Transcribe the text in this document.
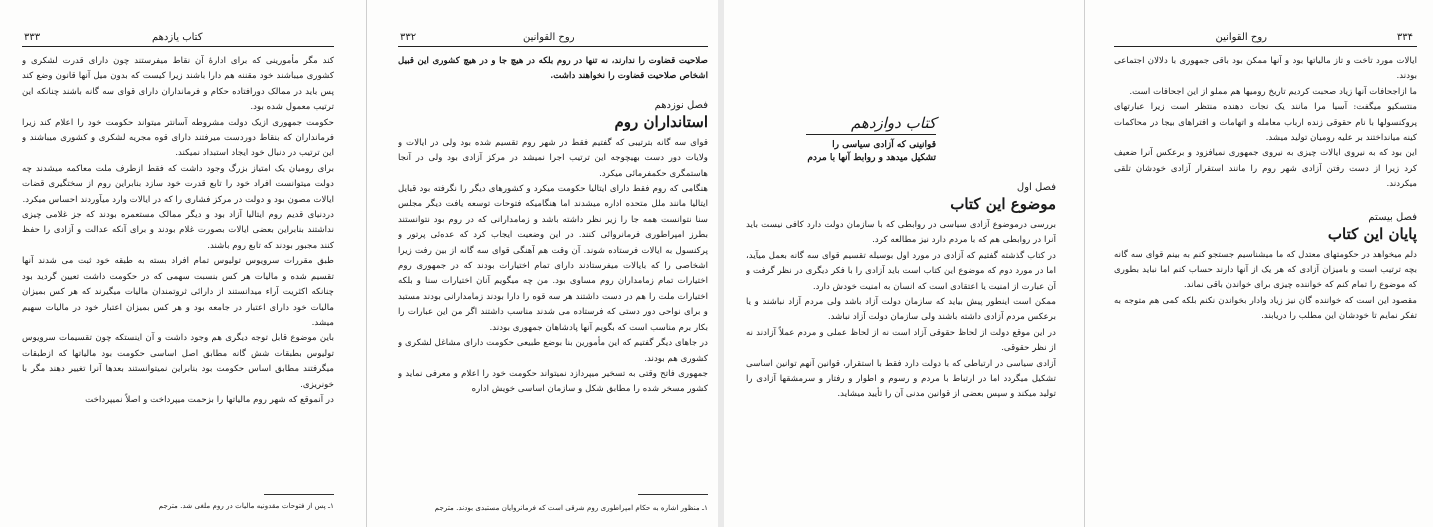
۳۳۳	کتاب یازدهم

کند مگر مأمورینی که برای ادارهٔ آن نقاط میفرستند چون دارای قدرت لشکری و کشوری میباشند خود مقننه هم دارا باشند زیرا کیست که بدون میل آنها قانون وضع کند پس باید در ممالک دورافتاده حکام و فرمانداران دارای قوای سه گانه باشند چنانکه این ترتیب معمول شده بود.

حکومت جمهوری ازیک دولت مشروطه آسانتر میتواند حکومت خود را اعلام کند زیرا فرمانداران که بنقاط دوردست میرفتند دارای قوه مجریه لشکری و کشوری میباشند و این ترتیب در دنبال خود ایجاد استبداد نمیکند.

برای رومیان یک امتیاز بزرگ وجود داشت که فقط ازطرف ملت معاکمه میشدند چه دولت میتوانست افراد خود را تابع قدرت خود سازد بنابراین روم از سختگیری قضات ایالات مصون بود و دولت در مرکز فشاری را که در ایالات وارد میآوردند احساس میکرد.

دردنیای قدیم روم ایتالیا آزاد بود و دیگر ممالک مستعمره بودند که جز غلامی چیزی نداشتند بنابراین بعضی ایالات بصورت غلام بودند و برای آنکه عدالت و آزادی را حفظ کنند مجبور بودند که تابع روم باشند.

طبق مقررات سرویوس تولیوس تمام افراد بسته به طبقه خود ثبت می شدند آنها تقسیم شده و مالیات هر کس بنسبت سهمی که در حکومت داشت تعیین گردید بود چنانکه اکثریت آراء میدانستند از دارائی ثروتمندان مالیات میگیرند که هر کس بمیزان مالیات خود دارای اعتبار در جامعه بود و هر کس بمیزان اعتبار خود در مالیات سهیم میشد.

باین موضوع قابل توجه دیگری هم وجود داشت و آن اینستکه چون تقسیمات سرویوس تولیوس بطبقات شش گانه مطابق اصل اساسی حکومت بود مالیاتها که ازطبقات میگرفتند مطابق اساس حکومت بود بنابراین نمیتوانستند بعدها آنرا تغییر دهند مگر با خونریزی.

در آنموقع که شهر روم مالیاتها را بزحمت میپرداخت و اصلاً نمیپرداخت

۱ـ پس از فتوحات مقدونیه مالیات در روم ملغی شد. مترجم
۳۳۲	روح القوانین

صلاحیت قضاوت را ندارند، نه تنها در روم بلکه در هیچ جا و در هیچ کشوری این قبیل اشخاص صلاحیت قضاوت را نخواهند داشت.

فصل نوزدهم

استانداران روم

قوای سه گانه بترتیبی که گفتیم فقط در شهر روم تقسیم شده بود ولی در ایالات و ولایات دور دست بهیچوجه این ترتیب اجرا نمیشد در مرکز آزادی بود ولی در آنجا هاستمگری حکمفرمائی میکرد.

هنگامی که روم فقط دارای ایتالیا حکومت میکرد و کشورهای دیگر را نگرفته بود قبایل ایتالیا مانند ملل متحده اداره میشدند اما هنگامیکه فتوحات توسعه یافت دیگر مجلس سنا نتوانست همه جا را زیر نظر داشته باشد و زمامدارانی که در روم بود نتوانستند بطرز امپراطوری فرمانروائی کنند. در این وضعیت ایجاب کرد که عده‌ئی پرتور و پرکنسول به ایالات فرستاده شوند. آن وقت هم آهنگی قوای سه گانه از بین رفت زیرا اشخاصی را که بایالات میفرستادند دارای تمام اختیارات بودند که در جمهوری روم اختیارات تمام زمامداران روم مساوی بود. من چه میگویم آنان اختیارات سنا و بلکه اختیارات ملت را هم در دست داشتند هر سه قوه را دارا بودند زمامدارانی بودند مستبد و برای نواحی دور دستی که فرستاده می شدند مناسب داشتند اگر من این عبارات را بکار برم مناسب است که بگویم آنها پادشاهان جمهوری بودند.

در جاهای دیگر گفتیم که این مأمورین بنا بوضع طبیعی حکومت دارای مشاغل لشکری و کشوری هم بودند.

جمهوری فاتح وقتی به تسخیر میپردازد نمیتواند حکومت خود را اعلام و معرفی نماید و کشور مسخر شده را مطابق شکل و سازمان اساسی خویش اداره

۱ـ منظور اشاره به حکام امپراطوری روم شرقی است که فرمانروایان مستبدی بودند. مترجم

کتاب دوازدهم

قوانینی که آزادی سیاسی را

تشکیل میدهد و روابط آنها با مردم

فصل اول

موضوع این کتاب

بررسی درموضوع آزادی سیاسی در روابطی که با سازمان دولت دارد کافی نیست باید آنرا در روابطی هم که با مردم دارد نیز مطالعه کرد.

در کتاب گذشته گفتیم که آزادی در مورد اول بوسیله تقسیم قوای سه گانه بعمل میآید، اما در مورد دوم که موضوع این کتاب است باید آزادی را با فکر دیگری در نظر گرفت و آن عبارت از امنیت یا اعتقادی است که انسان به امنیت خودش دارد.

ممکن است اینطور پیش بیاید که سازمان دولت آزاد باشد ولی مردم آزاد نباشند و یا برعکس مردم آزادی داشته باشند ولی سازمان دولت آزاد نباشد.

در این موقع دولت از لحاظ حقوقی آزاد است نه از لحاظ عملی و مردم عملاً آزادند نه از نظر حقوقی.

آزادی سیاسی در ارتباطی که با دولت دارد فقط با استقرار، قوانین آنهم توانین اساسی تشکیل میگردد اما در ارتباط با مردم و رسوم و اطوار و رفتار و سرمشقها آزادی را تولید میکند و سپس بعضی از قوانین مدنی آن را تأیید میشاید.

۳۳۴
روح القوانین

ایالات مورد تاخت و تاز مالیاتها بود و آنها ممکن بود باقی جمهوری با دلالان اجتماعی بودند.

ما ازاجحافات آنها زیاد صحبت کردیم تاریخ رومیها هم مملو از این اجحافات است.

منتسکیو میگفت: آسیا مرا مانند یک نجات دهنده منتظر است زیرا عبارتهای پروکنسولها با نام حقوقی زنده ارباب معامله و اتهامات و افتراهای بیجا در محاکمات کینه میانداختند بر علیه رومیان تولید میشد.

این بود که به نیروی ایالات چیزی به نیروی جمهوری نمیافزود و برعکس آنرا ضعیف کرد زیرا از دست رفتن آزادی شهر روم را مانند استقرار آزادی خودشان تلقی میکردند.

فصل بیستم

پایان این کتاب

دلم میخواهد در حکومتهای معتدل که ما میشناسیم جستجو کنم به بینم قوای سه گانه بچه ترتیب است و بامیزان آزادی که هر یک از آنها دارند حساب کنم اما نباید بطوری که موضوع را تمام کنم که خواننده چیزی برای خواندن باقی نماند.

مقصود این است که خواننده گان نیز زیاد وادار بخواندن نکنم بلکه کمی هم متوجه به تفکر نمایم تا خودشان این مطلب را دریابند.
